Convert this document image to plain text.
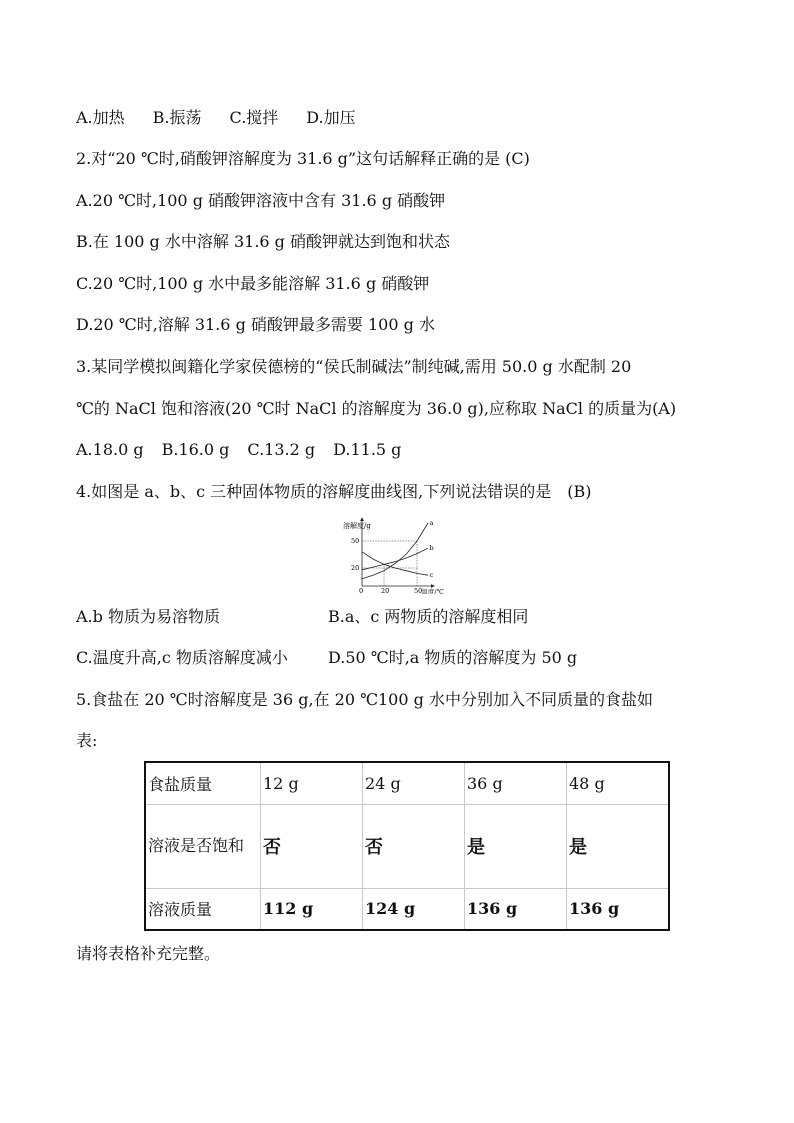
A.加热 B.振荡 C.搅拌 D.加压
2.对“20 ℃时,硝酸钾溶解度为 31.6 g”这句话解释正确的是 (C)
A.20 ℃时,100 g 硝酸钾溶液中含有 31.6 g 硝酸钾
B.在 100 g 水中溶解 31.6 g 硝酸钾就达到饱和状态
C.20 ℃时,100 g 水中最多能溶解 31.6 g 硝酸钾
D.20 ℃时,溶解 31.6 g 硝酸钾最多需要 100 g 水
3.某同学模拟闽籍化学家侯德榜的“侯氏制碱法”制纯碱,需用 50.0 g 水配制 20
℃的 NaCl 饱和溶液(20 ℃时 NaCl 的溶解度为 36.0 g),应称取 NaCl 的质量为(A)
A.18.0 g B.16.0 g C.13.2 g D.11.5 g
4.如图是 a、b、c 三种固体物质的溶解度曲线图,下列说法错误的是　(B)
溶解度/g
0	20	50 温度/℃
20
50
a
b
c
A.b 物质为易溶物质	B.a、c 两物质的溶解度相同
C.温度升高,c 物质溶解度减小	D.50 ℃时,a 物质的溶解度为 50 g
5.食盐在 20 ℃时溶解度是 36 g,在 20 ℃100 g 水中分别加入不同质量的食盐如
表:
食盐质量	12 g	24 g	36 g	48 g
溶液是否饱和	否	否	是	是
溶液质量	112 g	124 g	136 g	136 g
请将表格补充完整。
